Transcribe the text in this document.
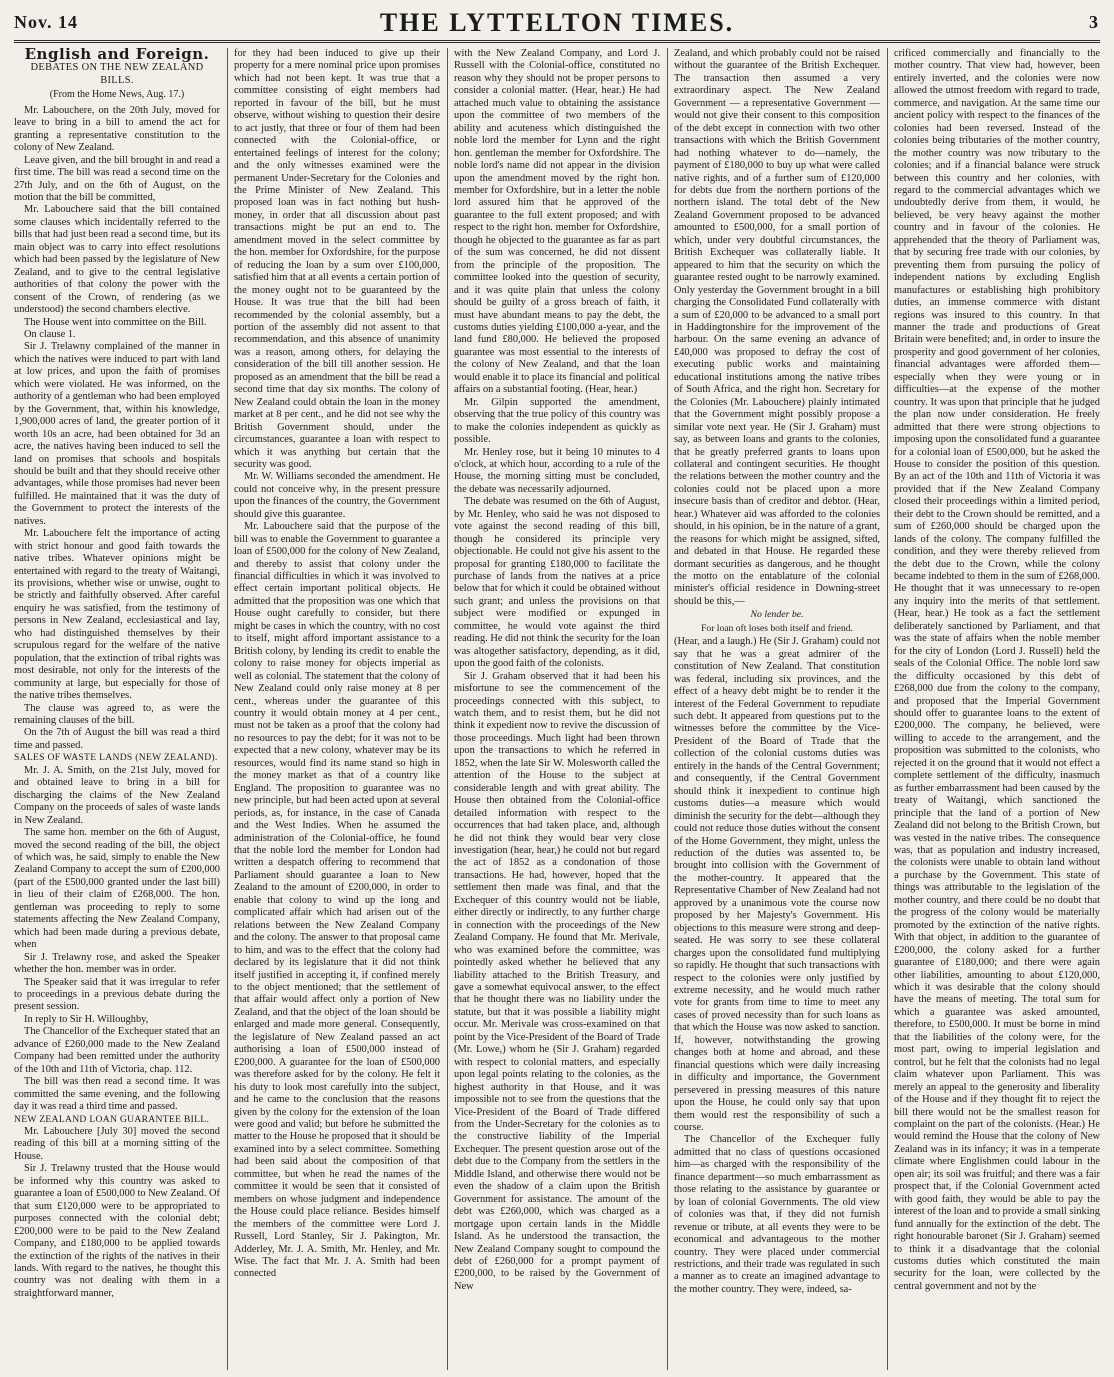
Nov. 14	THE LYTTELTON TIMES.	3
English and Foreign.
DEBATES ON THE NEW ZEALAND BILLS.
(From the Home News, Aug. 17.)

Mr. Labouchere, on the 20th July, moved for leave to bring in a bill to amend the act for granting a representative constitution to the colony of New Zealand.

Leave given, and the bill brought in and read a first time. The bill was read a second time on the 27th July, and on the 6th of August, on the motion that the bill be committed,

Mr. Labouchere said that the bill contained some clauses which incidentally referred to the bills that had just been read a second time, but its main object was to carry into effect resolutions which had been passed by the legislature of New Zealand, and to give to the central legislative authorities of that colony the power with the consent of the Crown, of rendering (as we understood) the second chambers elective.

The House went into committee on the Bill.

On clause 1.

Sir J. Trelawny complained of the manner in which the natives were induced to part with land at low prices, and upon the faith of promises which were violated. He was informed, on the authority of a gentleman who had been employed by the Government, that, within his knowledge, 1,900,000 acres of land, the greater portion of it worth 10s an acre, had been obtained for 3d an acre, the natives having been induced to sell the land on promises that schools and hospitals should be built and that they should receive other advantages, while those promises had never been fulfilled. He maintained that it was the duty of the Government to protect the interests of the natives.

Mr. Labouchere felt the importance of acting with strict honour and good faith towards the native tribes. Whatever opinions might be entertained with regard to the treaty of Waitangi, its provisions, whether wise or unwise, ought to be strictly and faithfully observed. After careful enquiry he was satisfied, from the testimony of persons in New Zealand, ecclesiastical and lay, who had distinguished themselves by their scrupulous regard for the welfare of the native population, that the extinction of tribal rights was most desirable, not only for the interests of the community at large, but especially for those of the native tribes themselves.

The clause was agreed to, as were the remaining clauses of the bill.

On the 7th of August the bill was read a third time and passed.

SALES OF WASTE LANDS (NEW ZEALAND).

Mr. J. A. Smith, on the 21st July, moved for and obtained leave to bring in a bill for discharging the claims of the New Zealand Company on the proceeds of sales of waste lands in New Zealand.

The same hon. member on the 6th of August, moved the second reading of the bill, the object of which was, he said, simply to enable the New Zealand Company to accept the sum of £200,000 (part of the £500,000 granted under the last bill) in lieu of their claim of £268,000. The hon. gentleman was proceeding to reply to some statements affecting the New Zealand Company, which had been made during a previous debate, when

Sir J. Trelawny rose, and asked the Speaker whether the hon. member was in order.

The Speaker said that it was irregular to refer to proceedings in a previous debate during the present session.

In reply to Sir H. Willoughby,

The Chancellor of the Exchequer stated that an advance of £260,000 made to the New Zealand Company had been remitted under the authority of the 10th and 11th of Victoria, chap. 112.

The bill was then read a second time. It was committed the same evening, and the following day it was read a third time and passed.

NEW ZEALAND LOAN GUARANTEE BILL.

Mr. Labouchere [July 30] moved the second reading of this bill at a morning sitting of the House.

Sir J. Trelawny trusted that the House would be informed why this country was asked to guarantee a loan of £500,000 to New Zealand. Of that sum £120,000 were to be appropriated to purposes connected with the colonial debt; £200,000 were to be paid to the New Zealand Company, and £180,000 to be applied towards the extinction of the rights of the natives in their lands. With regard to the natives, he thought this country was not dealing with them in a straightforward manner,

for they had been induced to give up their property for a mere nominal price upon promises which had not been kept. It was true that a committee consisting of eight members had reported in favour of the bill, but he must observe, without wishing to question their desire to act justly, that three or four of them had been connected with the Colonial-office, or entertained feelings of interest for the colony; and the only witnesses examined were the permanent Under-Secretary for the Colonies and the Prime Minister of New Zealand. This proposed loan was in fact nothing but hush-money, in order that all discussion about past transactions might be put an end to. The amendment moved in the select committee by the hon. member for Oxfordshire, for the purpose of reducing the loan by a sum over £100,000, satisfied him that at all events a certain portion of the money ought not to be guaranteed by the House. It was true that the bill had been recommended by the colonial assembly, but a portion of the assembly did not assent to that recommendation, and this absence of unanimity was a reason, among others, for delaying the consideration of the bill till another session. He proposed as an amendment that the bill be read a second time that day six months. The colony of New Zealand could obtain the loan in the money market at 8 per cent., and he did not see why the British Government should, under the circumstances, guarantee a loan with respect to which it was anything but certain that the security was good.

Mr. W. Williams seconded the amendment. He could not conceive why, in the present pressure upon the finances of the country, the Government should give this guarantee.

Mr. Labouchere said that the purpose of the bill was to enable the Government to guarantee a loan of £500,000 for the colony of New Zealand, and thereby to assist that colony under the financial difficulties in which it was involved to effect certain important political objects. He admitted that the proposition was one which that House ought carefully to consider, but there might be cases in which the country, with no cost to itself, might afford important assistance to a British colony, by lending its credit to enable the colony to raise money for objects imperial as well as colonial. The statement that the colony of New Zealand could only raise money at 8 per cent., whereas under the guarantee of this country it would obtain money at 4 per cent., must not be taken as a proof that the colony had no resources to pay the debt; for it was not to be expected that a new colony, whatever may be its resources, would find its name stand so high in the money market as that of a country like England. The proposition to guarantee was no new principle, but had been acted upon at several periods, as, for instance, in the case of Canada and the West Indies. When he assumed the administration of the Colonial-office, he found that the noble lord the member for London had written a despatch offering to recommend that Parliament should guarantee a loan to New Zealand to the amount of £200,000, in order to enable that colony to wind up the long and complicated affair which had arisen out of the relations between the New Zealand Company and the colony. The answer to that proposal came to him, and was to the effect that the colony had declared by its legislature that it did not think itself justified in accepting it, if confined merely to the object mentioned; that the settlement of that affair would affect only a portion of New Zealand, and that the object of the loan should be enlarged and made more general. Consequently, the legislature of New Zealand passed an act authorising a loan of £500,000 instead of £200,000. A guarantee for the loan of £500,000 was therefore asked for by the colony. He felt it his duty to look most carefully into the subject, and he came to the conclusion that the reasons given by the colony for the extension of the loan were good and valid; but before he submitted the matter to the House he proposed that it should be examined into by a select committee. Something had been said about the composition of that committee, but when he read the names of the committee it would be seen that it consisted of members on whose judgment and independence the House could place reliance. Besides himself the members of the committee were Lord J. Russell, Lord Stanley, Sir J. Pakington, Mr. Adderley, Mr. J. A. Smith, Mr. Henley, and Mr. Wise. The fact that Mr. J. A. Smith had been connected

with the New Zealand Company, and Lord J. Russell with the Colonial-office, constituted no reason why they should not be proper persons to consider a colonial matter. (Hear, hear.) He had attached much value to obtaining the assistance upon the committee of two members of the ability and acuteness which distinguished the noble lord the member for Lynn and the right hon. gentleman the member for Oxfordshire. The noble lord's name did not appear in the division upon the amendment moved by the right hon. member for Oxfordshire, but in a letter the noble lord assured him that he approved of the guarantee to the full extent proposed; and with respect to the right hon. member for Oxfordshire, though he objected to the guarantee as far as part of the sum was concerned, he did not dissent from the principle of the proposition. The committee looked into the question of security, and it was quite plain that unless the colony should be guilty of a gross breach of faith, it must have abundant means to pay the debt, the customs duties yielding £100,000 a-year, and the land fund £80,000. He believed the proposed guarantee was most essential to the interests of the colony of New Zealand, and that the loan would enable it to place its financial and political affairs on a substantial footing. (Hear, hear.)

Mr. Gilpin supported the amendment, observing that the true policy of this country was to make the colonies independent as quickly as possible.

Mr. Henley rose, but it being 10 minutes to 4 o'clock, at which hour, according to a rule of the House, the morning sitting must be concluded, the debate was necessarily adjourned.

The debate was resumed on the 6th of August, by Mr. Henley, who said he was not disposed to vote against the second reading of this bill, though he considered its principle very objectionable. He could not give his assent to the proposal for granting £180,000 to facilitate the purchase of lands from the natives at a price below that for which it could be obtained without such grant; and unless the provisions on that subject were modified or expunged in committee, he would vote against the third reading. He did not think the security for the loan was altogether satisfactory, depending, as it did, upon the good faith of the colonists.

Sir J. Graham observed that it had been his misfortune to see the commencement of the proceedings connected with this subject, to watch them, and to resist them, but he did not think it expedient now to revive the discussion of those proceedings. Much light had been thrown upon the transactions to which he referred in 1852, when the late Sir W. Molesworth called the attention of the House to the subject at considerable length and with great ability. The House then obtained from the Colonial-office detailed information with respect to the occurrences that had taken place, and, although he did not think they would bear very close investigation (hear, hear,) he could not but regard the act of 1852 as a condonation of those transactions. He had, however, hoped that the settlement then made was final, and that the Exchequer of this country would not be liable, either directly or indirectly, to any further charge in connection with the proceedings of the New Zealand Company. He found that Mr. Merivale, who was examined before the committee, was pointedly asked whether he believed that any liability attached to the British Treasury, and gave a somewhat equivocal answer, to the effect that he thought there was no liability under the statute, but that it was possible a liability might occur. Mr. Merivale was cross-examined on that point by the Vice-President of the Board of Trade (Mr. Lowe,) whom he (Sir J. Graham) regarded with respect to colonial matters, and especially upon legal points relating to the colonies, as the highest authority in that House, and it was impossible not to see from the questions that the Vice-President of the Board of Trade differed from the Under-Secretary for the colonies as to the constructive liability of the Imperial Exchequer. The present question arose out of the debt due to the Company from the settlers in the Middle Island, and otherwise there would not be even the shadow of a claim upon the British Government for assistance. The amount of the debt was £260,000, which was charged as a mortgage upon certain lands in the Middle Island. As he understood the transaction, the New Zealand Company sought to compound the debt of £260,000 for a prompt payment of £200,000, to be raised by the Government of New

Zealand, and which probably could not be raised without the guarantee of the British Exchequer. The transaction then assumed a very extraordinary aspect. The New Zealand Government — a representative Government — would not give their consent to this composition of the debt except in connection with two other transactions with which the British Government had nothing whatever to do—namely, the payment of £180,000 to buy up what were called native rights, and of a further sum of £120,000 for debts due from the northern portions of the northern island. The total debt of the New Zealand Government proposed to be advanced amounted to £500,000, for a small portion of which, under very doubtful circumstances, the British Exchequer was collaterally liable. It appeared to him that the security on which the guarantee rested ought to be narrowly examined. Only yesterday the Government brought in a bill charging the Consolidated Fund collaterally with a sum of £20,000 to be advanced to a small port in Haddingtonshire for the improvement of the harbour. On the same evening an advance of £40,000 was proposed to defray the cost of executing public works and maintaining educational institutions among the native tribes of South Africa, and the right hon. Secretary for the Colonies (Mr. Labouchere) plainly intimated that the Government might possibly propose a similar vote next year. He (Sir J. Graham) must say, as between loans and grants to the colonies, that he greatly preferred grants to loans upon collateral and contingent securities. He thought the relations between the mother country and the colonies could not be placed upon a more insecure basis than of creditor and debtor. (Hear, hear.) Whatever aid was afforded to the colonies should, in his opinion, be in the nature of a grant, the reasons for which might be assigned, sifted, and debated in that House. He regarded these dormant securities as dangerous, and he thought the motto on the entablature of the colonial minister's official residence in Downing-street should be this,—

No lender be.
For loan oft loses both itself and friend.

(Hear, and a laugh.) He (Sir J. Graham) could not say that he was a great admirer of the constitution of New Zealand. That constitution was federal, including six provinces, and the effect of a heavy debt might be to render it the interest of the Federal Government to repudiate such debt. It appeared from questions put to the witnesses before the committee by the Vice-President of the Board of Trade that the collection of the colonial customs duties was entirely in the hands of the Central Government; and consequently, if the Central Government should think it inexpedient to continue high customs duties—a measure which would diminish the security for the debt—although they could not reduce those duties without the consent of the Home Government, they might, unless the reduction of the duties was assented to, be brought into collision with the Government of the mother-country. It appeared that the Representative Chamber of New Zealand had not approved by a unanimous vote the course now proposed by her Majesty's Government. His objections to this measure were strong and deep-seated. He was sorry to see these collateral charges upon the consolidated fund multiplying so rapidly. He thought that such transactions with respect to the colonies were only justified by extreme necessity, and he would much rather vote for grants from time to time to meet any cases of proved necessity than for such loans as that which the House was now asked to sanction. If, however, notwithstanding the growing changes both at home and abroad, and these financial questions which were daily increasing in difficulty and importance, the Government persevered in pressing measures of this nature upon the House, he could only say that upon them would rest the responsibility of such a course.

The Chancellor of the Exchequer fully admitted that no class of questions occasioned him—as charged with the responsibility of the finance department—so much embarrassment as those relating to the assistance by guarantee or by loan of colonial Governments. The old view of colonies was that, if they did not furnish revenue or tribute, at all events they were to be economical and advantageous to the mother country. They were placed under commercial restrictions, and their trade was regulated in such a manner as to create an imagined advantage to the mother country. They were, indeed, sa-

crificed commercially and financially to the mother country. That view had, however, been entirely inverted, and the colonies were now allowed the utmost freedom with regard to trade, commerce, and navigation. At the same time our ancient policy with respect to the finances of the colonies had been reversed. Instead of the colonies being tributaries of the mother country, the mother country was now tributary to the colonies; and if a financial balance were struck between this country and her colonies, with regard to the commercial advantages which we undoubtedly derive from them, it would, he believed, be very heavy against the mother country and in favour of the colonies. He apprehended that the theory of Parliament was, that by securing free trade with our colonies, by preventing them from pursuing the policy of independent nations by excluding English manufactures or establishing high prohibitory duties, an immense commerce with distant regions was insured to this country. In that manner the trade and productions of Great Britain were benefited; and, in order to insure the prosperity and good government of her colonies, financial advantages were afforded them—especially when they were young or in difficulties—at the expense of the mother country. It was upon that principle that he judged the plan now under consideration. He freely admitted that there were strong objections to imposing upon the consolidated fund a guarantee for a colonial loan of £500,000, but he asked the House to consider the position of this question. By an act of the 10th and 11th of Victoria it was provided that if the New Zealand Company closed their proceedings within a limited period, their debt to the Crown should be remitted, and a sum of £260,000 should be charged upon the lands of the colony. The company fulfilled the condition, and they were thereby relieved from the debt due to the Crown, while the colony became indebted to them in the sum of £268,000. He thought that it was unnecessary to re-open any inquiry into the merits of that settlement. (Hear, hear.) He took as a fact the settlement deliberately sanctioned by Parliament, and that was the state of affairs when the noble member for the city of London (Lord J. Russell) held the seals of the Colonial Office. The noble lord saw the difficulty occasioned by this debt of £268,000 due from the colony to the company, and proposed that the Imperial Government should offer to guarantee loans to the extent of £200,000. The company, he believed, were willing to accede to the arrangement, and the proposition was submitted to the colonists, who rejected it on the ground that it would not effect a complete settlement of the difficulty, inasmuch as further embarrassment had been caused by the treaty of Waitangi, which sanctioned the principle that the land of a portion of New Zealand did not belong to the British Crown, but was vested in the native tribes. The consequence was, that as population and industry increased, the colonists were unable to obtain land without a purchase by the Government. This state of things was attributable to the legislation of the mother country, and there could be no doubt that the progress of the colony would be materially promoted by the extinction of the native rights. With that object, in addition to the guarantee of £200,000, the colony asked for a further guarantee of £180,000; and there were again other liabilities, amounting to about £120,000, which it was desirable that the colony should have the means of meeting. The total sum for which a guarantee was asked amounted, therefore, to £500,000. It must be borne in mind that the liabilities of the colony were, for the most part, owing to imperial legislation and control, but he felt that the colonists had no legal claim whatever upon Parliament. This was merely an appeal to the generosity and liberality of the House and if they thought fit to reject the bill there would not be the smallest reason for complaint on the part of the colonists. (Hear.) He would remind the House that the colony of New Zealand was in its infancy; it was in a temperate climate where Englishmen could labour in the open air; its soil was fruitful; and there was a fair prospect that, if the Colonial Government acted with good faith, they would be able to pay the interest of the loan and to provide a small sinking fund annually for the extinction of the debt. The right honourable baronet (Sir J. Graham) seemed to think it a disadvantage that the colonial customs duties which constituted the main security for the loan, were collected by the central government and not by the
